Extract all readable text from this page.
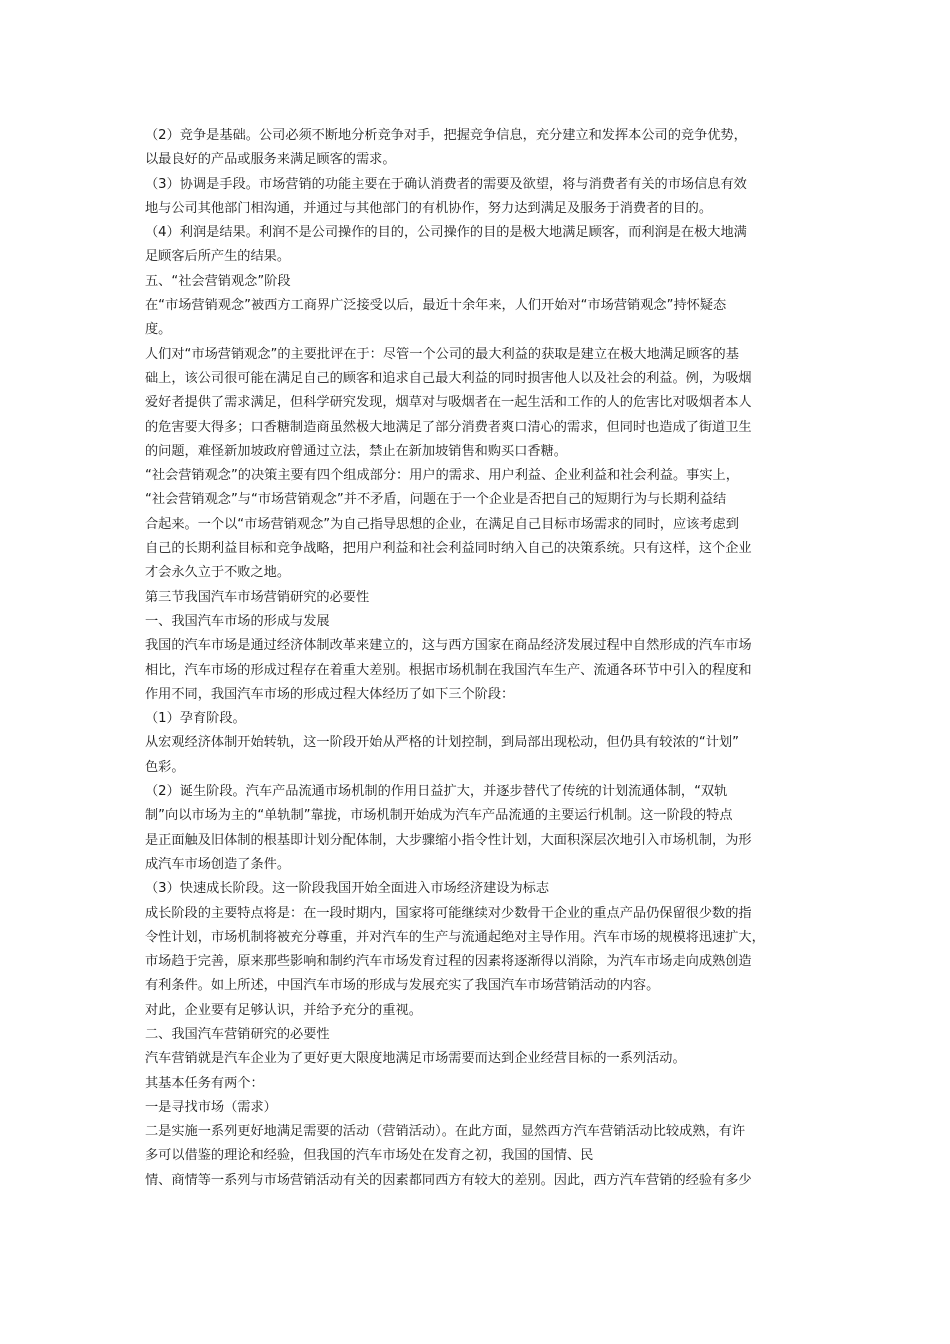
（2）竞争是基础。公司必须不断地分析竞争对手，把握竞争信息，充分建立和发挥本公司的竞争优势，
以最良好的产品或服务来满足顾客的需求。
（3）协调是手段。市场营销的功能主要在于确认消费者的需要及欲望，将与消费者有关的市场信息有效
地与公司其他部门相沟通，并通过与其他部门的有机协作，努力达到满足及服务于消费者的目的。
（4）利润是结果。利润不是公司操作的目的，公司操作的目的是极大地满足顾客，而利润是在极大地满
足顾客后所产生的结果。
五、“社会营销观念”阶段
在“市场营销观念”被西方工商界广泛接受以后，最近十余年来，人们开始对“市场营销观念”持怀疑态
度。
人们对“市场营销观念”的主要批评在于：尽管一个公司的最大利益的获取是建立在极大地满足顾客的基
础上，该公司很可能在满足自己的顾客和追求自己最大利益的同时损害他人以及社会的利益。例，为吸烟
爱好者提供了需求满足，但科学研究发现，烟草对与吸烟者在一起生活和工作的人的危害比对吸烟者本人
的危害要大得多；口香糖制造商虽然极大地满足了部分消费者爽口清心的需求，但同时也造成了街道卫生
的问题，难怪新加坡政府曾通过立法，禁止在新加坡销售和购买口香糖。
“社会营销观念”的决策主要有四个组成部分：用户的需求、用户利益、企业利益和社会利益。事实上，
“社会营销观念”与“市场营销观念”并不矛盾，问题在于一个企业是否把自己的短期行为与长期利益结
合起来。一个以“市场营销观念”为自己指导思想的企业，在满足自己目标市场需求的同时，应该考虑到
自己的长期利益目标和竞争战略，把用户利益和社会利益同时纳入自己的决策系统。只有这样，这个企业
才会永久立于不败之地。
第三节我国汽车市场营销研究的必要性
一、我国汽车市场的形成与发展
我国的汽车市场是通过经济体制改革来建立的，这与西方国家在商品经济发展过程中自然形成的汽车市场
相比，汽车市场的形成过程存在着重大差别。根据市场机制在我国汽车生产、流通各环节中引入的程度和
作用不同，我国汽车市场的形成过程大体经历了如下三个阶段：
（1）孕育阶段。
从宏观经济体制开始转轨，这一阶段开始从严格的计划控制，到局部出现松动，但仍具有较浓的“计划”
色彩。
（2）诞生阶段。汽车产品流通市场机制的作用日益扩大，并逐步替代了传统的计划流通体制，“双轨
制”向以市场为主的“单轨制”靠拢，市场机制开始成为汽车产品流通的主要运行机制。这一阶段的特点
是正面触及旧体制的根基即计划分配体制，大步骤缩小指令性计划，大面积深层次地引入市场机制，为形
成汽车市场创造了条件。
（3）快速成长阶段。这一阶段我国开始全面进入市场经济建设为标志
成长阶段的主要特点将是：在一段时期内，国家将可能继续对少数骨干企业的重点产品仍保留很少数的指
令性计划，市场机制将被充分尊重，并对汽车的生产与流通起绝对主导作用。汽车市场的规模将迅速扩大，
市场趋于完善，原来那些影响和制约汽车市场发育过程的因素将逐渐得以消除，为汽车市场走向成熟创造
有利条件。如上所述，中国汽车市场的形成与发展充实了我国汽车市场营销活动的内容。
对此，企业要有足够认识，并给予充分的重视。
二、我国汽车营销研究的必要性
汽车营销就是汽车企业为了更好更大限度地满足市场需要而达到企业经营目标的一系列活动。
其基本任务有两个：
一是寻找市场（需求）
二是实施一系列更好地满足需要的活动（营销活动）。在此方面，显然西方汽车营销活动比较成熟，有许
多可以借鉴的理论和经验，但我国的汽车市场处在发育之初，我国的国情、民
情、商情等一系列与市场营销活动有关的因素都同西方有较大的差别。因此，西方汽车营销的经验有多少
